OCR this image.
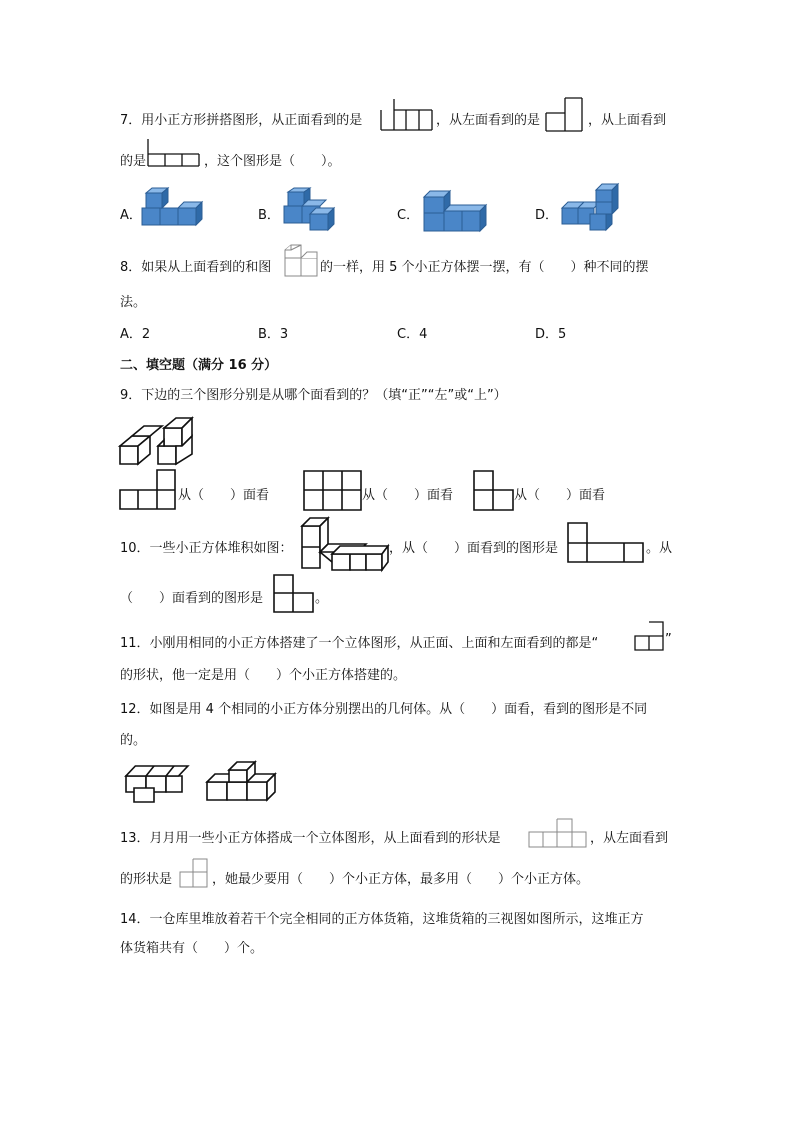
7．用小正方形拼搭图形，从正面看到的是	，从左面看到的是	，从上面看到
的是	，这个图形是（　　）。
A．	B．	C．	D．
8．如果从上面看到的和图	的一样，用 5 个小正方体摆一摆，有（　　）种不同的摆
法。
A．2	B．3	C．4	D．5
二、填空题（满分 16 分）
9．下边的三个图形分别是从哪个面看到的？（填“正”“左”或“上”）
从（　　）面看	从（　　）面看	从（　　）面看
10．一些小正方体堆积如图：	，从（　　）面看到的图形是	。从
（　　）面看到的图形是	。
11．小刚用相同的小正方体搭建了一个立体图形，从正面、上面和左面看到的都是“	”
的形状，他一定是用（　　）个小正方体搭建的。
12．如图是用 4 个相同的小正方体分别摆出的几何体。从（　　）面看，看到的图形是不同
的。
13．月月用一些小正方体搭成一个立体图形，从上面看到的形状是	，从左面看到
的形状是	，她最少要用（　　）个小正方体，最多用（　　）个小正方体。
14．一仓库里堆放着若干个完全相同的正方体货箱，这堆货箱的三视图如图所示，这堆正方
体货箱共有（　　）个。
